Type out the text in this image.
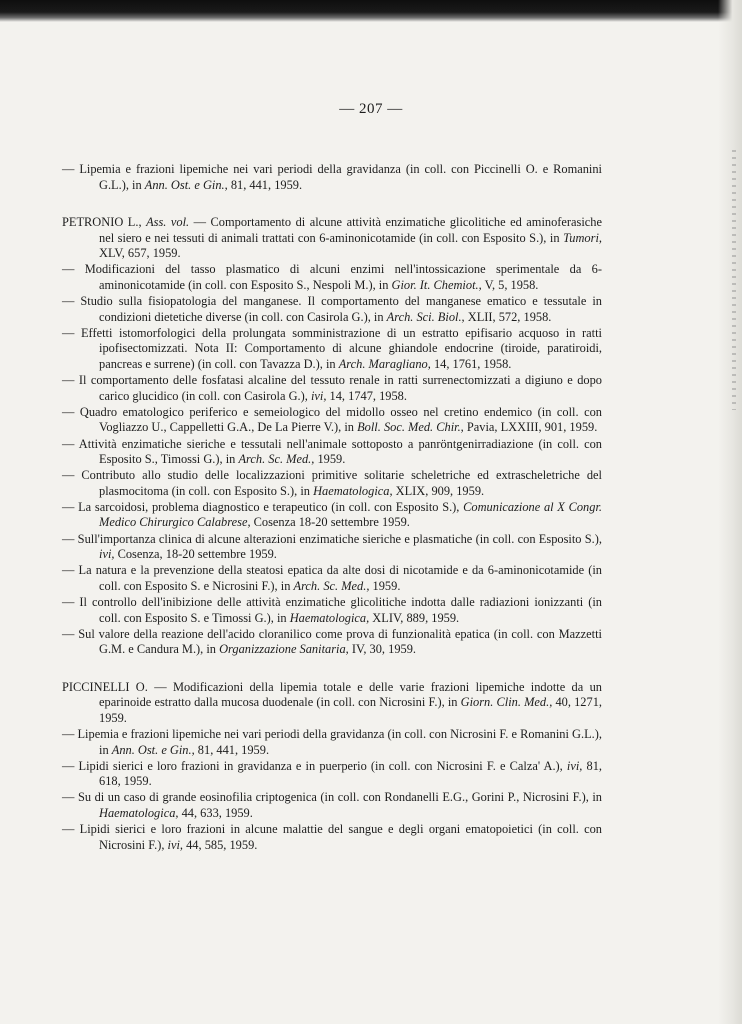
— 207 —

— Lipemia e frazioni lipemiche nei vari periodi della gravidanza (in coll. con Piccinelli O. e Romanini G.L.), in Ann. Ost. e Gin., 81, 441, 1959.

PETRONIO L., Ass. vol. — Comportamento di alcune attività enzimatiche glicolitiche ed aminoferasiche nel siero e nei tessuti di animali trattati con 6-aminonicotamide (in coll. con Esposito S.), in Tumori, XLV, 657, 1959.

— Modificazioni del tasso plasmatico di alcuni enzimi nell'intossicazione sperimentale da 6-aminonicotamide (in coll. con Esposito S., Nespoli M.), in Gior. It. Chemiot., V, 5, 1958.

— Studio sulla fisiopatologia del manganese. Il comportamento del manganese ematico e tessutale in condizioni dietetiche diverse (in coll. con Casirola G.), in Arch. Sci. Biol., XLII, 572, 1958.

— Effetti istomorfologici della prolungata somministrazione di un estratto epifisario acquoso in ratti ipofisectomizzati. Nota II: Comportamento di alcune ghiandole endocrine (tiroide, paratiroidi, pancreas e surrene) (in coll. con Tavazza D.), in Arch. Maragliano, 14, 1761, 1958.

— Il comportamento delle fosfatasi alcaline del tessuto renale in ratti surrenectomizzati a digiuno e dopo carico glucidico (in coll. con Casirola G.), ivi, 14, 1747, 1958.

— Quadro ematologico periferico e semeiologico del midollo osseo nel cretino endemico (in coll. con Vogliazzo U., Cappelletti G.A., De La Pierre V.), in Boll. Soc. Med. Chir., Pavia, LXXIII, 901, 1959.

— Attività enzimatiche sieriche e tessutali nell'animale sottoposto a panröntgenirradiazione (in coll. con Esposito S., Timossi G.), in Arch. Sc. Med., 1959.

— Contributo allo studio delle localizzazioni primitive solitarie scheletriche ed extrascheletriche del plasmocitoma (in coll. con Esposito S.), in Haematologica, XLIX, 909, 1959.

— La sarcoidosi, problema diagnostico e terapeutico (in coll. con Esposito S.), Comunicazione al X Congr. Medico Chirurgico Calabrese, Cosenza 18-20 settembre 1959.

— Sull'importanza clinica di alcune alterazioni enzimatiche sieriche e plasmatiche (in coll. con Esposito S.), ivi, Cosenza, 18-20 settembre 1959.

— La natura e la prevenzione della steatosi epatica da alte dosi di nicotamide e da 6-aminonicotamide (in coll. con Esposito S. e Nicrosini F.), in Arch. Sc. Med., 1959.

— Il controllo dell'inibizione delle attività enzimatiche glicolitiche indotta dalle radiazioni ionizzanti (in coll. con Esposito S. e Timossi G.), in Haematologica, XLIV, 889, 1959.

— Sul valore della reazione dell'acido cloranilico come prova di funzionalità epatica (in coll. con Mazzetti G.M. e Candura M.), in Organizzazione Sanitaria, IV, 30, 1959.

PICCINELLI O. — Modificazioni della lipemia totale e delle varie frazioni lipemiche indotte da un eparinoide estratto dalla mucosa duodenale (in coll. con Nicrosini F.), in Giorn. Clin. Med., 40, 1271, 1959.

— Lipemia e frazioni lipemiche nei vari periodi della gravidanza (in coll. con Nicrosini F. e Romanini G.L.), in Ann. Ost. e Gin., 81, 441, 1959.

— Lipidi sierici e loro frazioni in gravidanza e in puerperio (in coll. con Nicrosini F. e Calza' A.), ivi, 81, 618, 1959.

— Su di un caso di grande eosinofilia criptogenica (in coll. con Rondanelli E.G., Gorini P., Nicrosini F.), in Haematologica, 44, 633, 1959.

— Lipidi sierici e loro frazioni in alcune malattie del sangue e degli organi ematopoietici (in coll. con Nicrosini F.), ivi, 44, 585, 1959.
